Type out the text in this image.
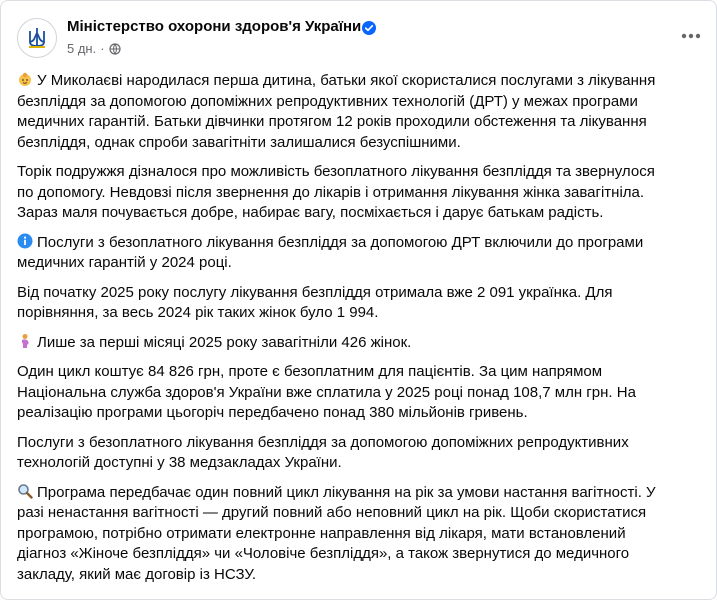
Міністерство охорони здоров'я України
5 дн. ·

У Миколаєві народилася перша дитина, батьки якої скористалися послугами з лікування
безпліддя за допомогою допоміжних репродуктивних технологій (ДРТ) у межах програми
медичних гарантій. Батьки дівчинки протягом 12 років проходили обстеження та лікування
безпліддя, однак спроби завагітніти залишалися безуспішними.

Торік подружжя дізналося про можливість безоплатного лікування безпліддя та звернулося
по допомогу. Невдовзі після звернення до лікарів і отримання лікування жінка завагітніла.
Зараз маля почувається добре, набирає вагу, посміхається і дарує батькам радість.

Послуги з безоплатного лікування безпліддя за допомогою ДРТ включили до програми
медичних гарантій у 2024 році.

Від початку 2025 року послугу лікування безпліддя отримала вже 2 091 українка. Для
порівняння, за весь 2024 рік таких жінок було 1 994.

Лише за перші місяці 2025 року завагітніли 426 жінок.

Один цикл коштує 84 826 грн, проте є безоплатним для пацієнтів. За цим напрямом
Національна служба здоров'я України вже сплатила у 2025 році понад 108,7 млн грн. На
реалізацію програми цьогоріч передбачено понад 380 мільйонів гривень.

Послуги з безоплатного лікування безпліддя за допомогою допоміжних репродуктивних
технологій доступні у 38 медзакладах України.

Програма передбачає один повний цикл лікування на рік за умови настання вагітності. У
разі ненастання вагітності — другий повний або неповний цикл на рік. Щоби скористатися
програмою, потрібно отримати електронне направлення від лікаря, мати встановлений
діагноз «Жіноче безпліддя» чи «Чоловіче безпліддя», а також звернутися до медичного
закладу, який має договір із НСЗУ.
